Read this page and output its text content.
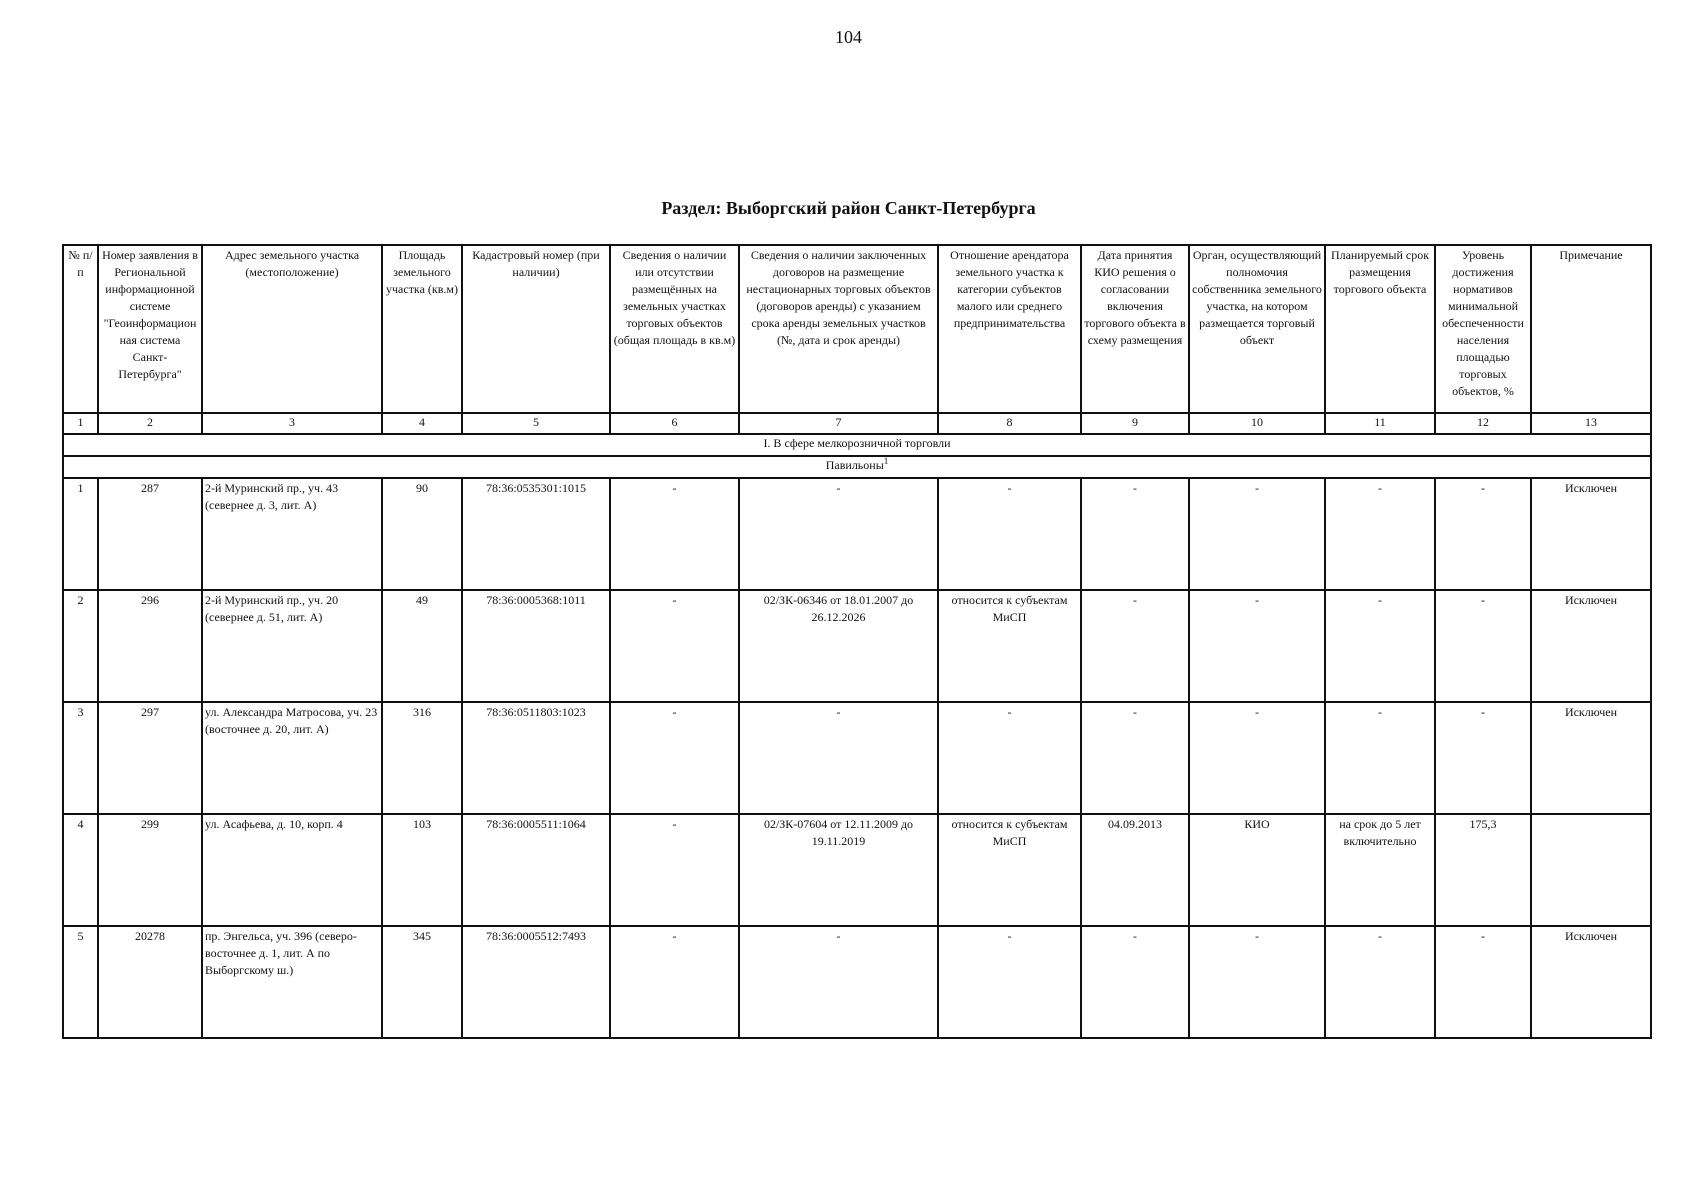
104
Раздел: Выборгский район Санкт-Петербурга
№ п/п	Номер заявления в Региональной информационной системе "Геоинформационная система Санкт-Петербурга"	Адрес земельного участка (местоположение)	Площадь земельного участка (кв.м)	Кадастровый номер (при наличии)	Сведения о наличии или отсутствии размещённых на земельных участках торговых объектов (общая площадь в кв.м)	Сведения о наличии заключенных договоров на размещение нестационарных торговых объектов (договоров аренды) с указанием срока аренды земельных участков (№, дата и срок аренды)	Отношение арендатора земельного участка к категории субъектов малого или среднего предпринимательства	Дата принятия КИО решения о согласовании включения торгового объекта в схему размещения	Орган, осуществляющий полномочия собственника земельного участка, на котором размещается торговый объект	Планируемый срок размещения торгового объекта	Уровень достижения нормативов минимальной обеспеченности населения площадью торговых объектов, %	Примечание
1	2	3	4	5	6	7	8	9	10	11	12	13
I. В сфере мелкорозничной торговли												
Павильоны$^1$
1	287	2-й Муринский пр., уч. 43 (севернее д. 3, лит. А)	90	78:36:0535301:1015	-	-	-	-	-	-	-	Исключен
2	296	2-й Муринский пр., уч. 20 (севернее д. 51, лит. А)	49	78:36:0005368:1011	-	02/ЗК-06346 от 18.01.2007 до 26.12.2026	относится к субъектам МиСП	-	-	-	-	Исключен
3	297	ул. Александра Матросова, уч. 23 (восточнее д. 20, лит. А)	316	78:36:0511803:1023	-	-	-	-	-	-	-	Исключен
4	299	ул. Асафьева, д. 10, корп. 4	103	78:36:0005511:1064	-	02/ЗК-07604 от 12.11.2009 до 19.11.2019	относится к субъектам МиСП	04.09.2013	КИО	на срок до 5 лет включительно	175,3	
5	20278	пр. Энгельса, уч. 396 (северо-восточнее д. 1, лит. А по Выборгскому ш.)	345	78:36:0005512:7493	-	-	-	-	-	-	-	Исключен
